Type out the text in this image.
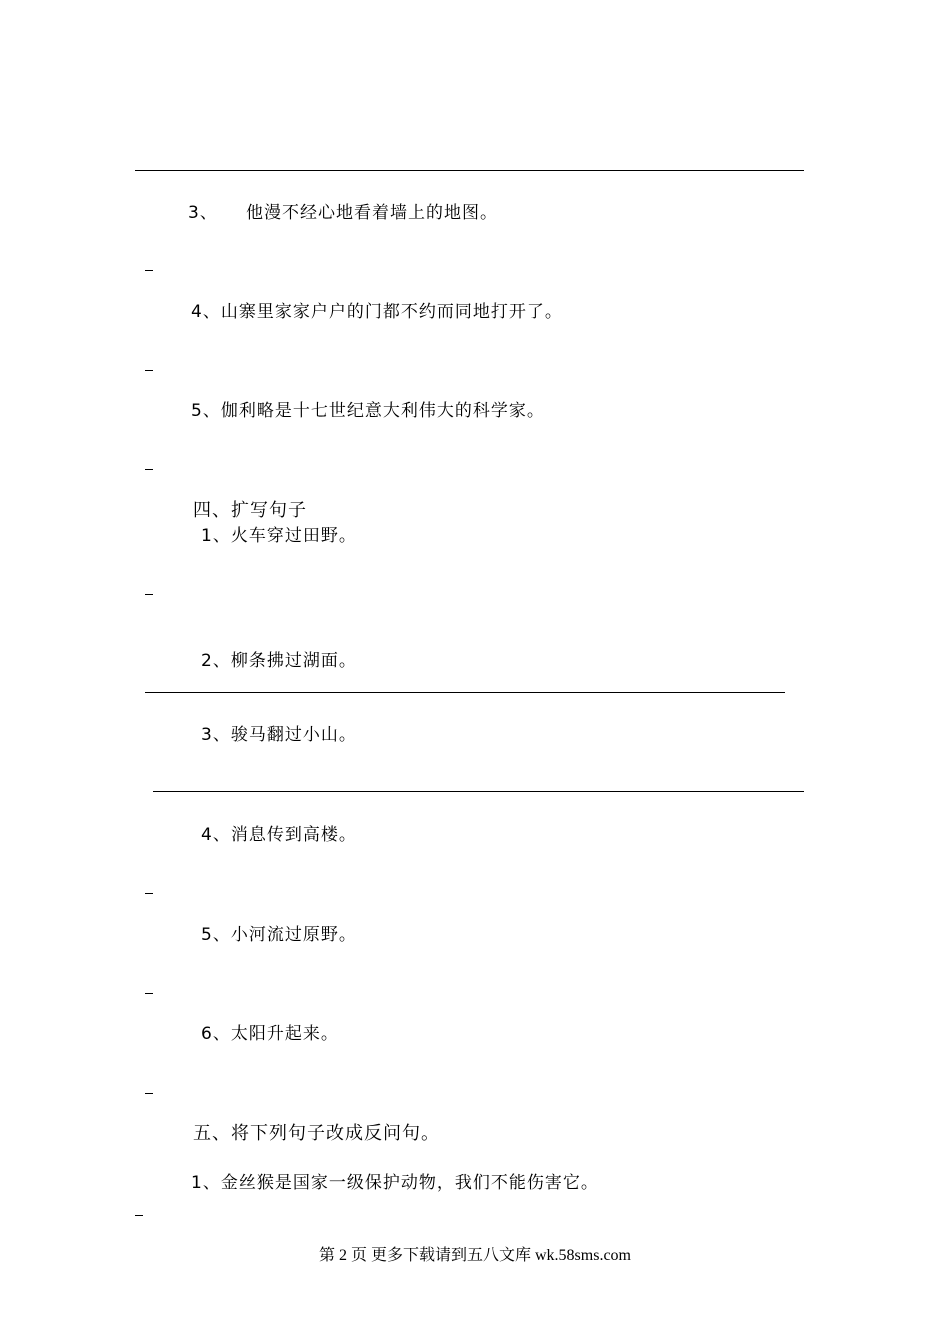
3、 他漫不经心地看着墙上的地图。
4、山寨里家家户户的门都不约而同地打开了。
5、伽利略是十七世纪意大利伟大的科学家。
四、扩写句子
1、火车穿过田野。
2、柳条拂过湖面。
3、骏马翻过小山。
4、消息传到高楼。
5、小河流过原野。
6、太阳升起来。
五、将下列句子改成反问句。
1、金丝猴是国家一级保护动物，我们不能伤害它。
第 2 页 更多下载请到五八文库 wk.58sms.com
